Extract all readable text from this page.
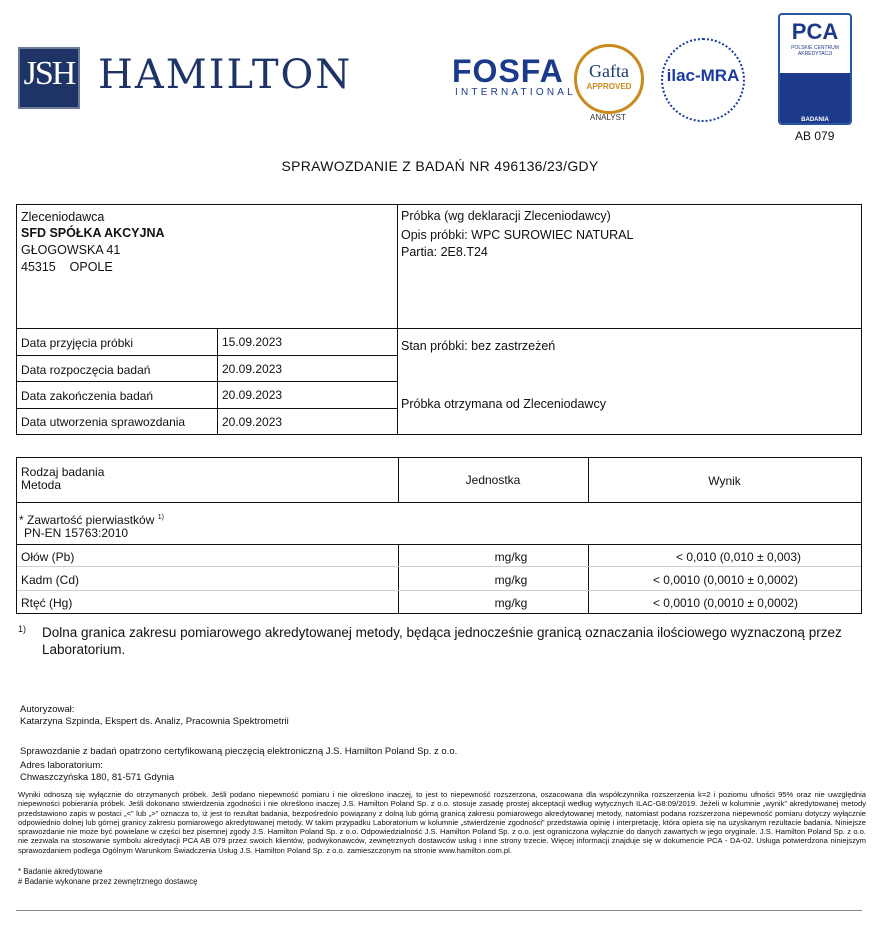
JSH HAMILTON	FOSFA
INTERNATIONAL
Gafta
APPROVED
ANALYST
ilac-MRA
PCA
POLSKIE CENTRUM
AKREDYTACJI
BADANIA
AB 079
SPRAWOZDANIE Z BADAŃ NR 496136/23/GDY
Zleceniodawca
SFD SPÓŁKA AKCYJNA
GŁOGOWSKA 41
45315    OPOLE
Próbka (wg deklaracji Zleceniodawcy)
Opis próbki: WPC SUROWIEC NATURAL
Partia: 2E8.T24
Data przyjęcia próbki	15.09.2023
Data rozpoczęcia badań	20.09.2023
Data zakończenia badań	20.09.2023
Data utworzenia sprawozdania	20.09.2023
Stan próbki: bez zastrzeżeń
Próbka otrzymana od Zleceniodawcy
Rodzaj badania
Metoda	Jednostka	Wynik
* Zawartość pierwiastków $^{1)}$
PN-EN 15763:2010
Ołów (Pb)	mg/kg	< 0,010 (0,010 ± 0,003)
Kadm (Cd)	mg/kg	< 0,0010 (0,0010 ± 0,0002)
Rtęć (Hg)	mg/kg	< 0,0010 (0,0010 ± 0,0002)
1) Dolna granica zakresu pomiarowego akredytowanej metody, będąca jednocześnie granicą oznaczania ilościowego wyznaczoną przez Laboratorium.
Autoryzował:
Katarzyna Szpinda, Ekspert ds. Analiz, Pracownia Spektrometrii
Sprawozdanie z badań opatrzono certyfikowaną pieczęcią elektroniczną J.S. Hamilton Poland Sp. z o.o.
Adres laboratorium:
Chwaszczyńska 180, 81-571 Gdynia
Wyniki odnoszą się wyłącznie do otrzymanych próbek. Jeśli podano niepewność pomiaru i nie określono inaczej, to jest to niepewność rozszerzona, oszacowana dla współczynnika rozszerzenia k=2 i poziomu ufności 95% oraz nie uwzględnia niepewności pobierania próbek. Jeśli dokonano stwierdzenia zgodności i nie określono inaczej J.S. Hamilton Poland Sp. z o.o. stosuje zasadę prostej akceptacji według wytycznych ILAC-G8:09/2019. Jeżeli w kolumnie „wynik” akredytowanej metody przedstawiono zapis w postaci „<” lub „>” oznacza to, iż jest to rezultat badania, bezpośrednio powiązany z dolną lub górną granicą zakresu pomiarowego akredytowanej metody, natomiast podana rozszerzona niepewność pomiaru dotyczy wyłącznie odpowiednio dolnej lub górnej granicy zakresu pomiarowego akredytowanej metody. W takim przypadku Laboratorium w kolumnie „stwierdzenie zgodności” przedstawia opinię i interpretację, która opiera się na uzyskanym rezultacie badania. Niniejsze sprawozdanie nie może być powielane w części bez pisemnej zgody J.S. Hamilton Poland Sp. z o.o. Odpowiedzialność J.S. Hamilton Poland Sp. z o.o. jest ograniczona wyłącznie do danych zawartych w jego oryginale. J.S. Hamilton Poland Sp. z o.o. nie zezwala na stosowanie symbolu akredytacji PCA AB 079 przez swoich klientów, podwykonawców, zewnętrznych dostawców usług i inne strony trzecie. Więcej informacji znajduje się w dokumencie PCA - DA-02. Usługa potwierdzona niniejszym sprawozdaniem podlega Ogólnym Warunkom Świadczenia Usług J.S. Hamilton Poland Sp. z o.o. zamieszczonym na stronie www.hamilton.com.pl.
* Badanie akredytowane
# Badanie wykonane przez zewnętrznego dostawcę
